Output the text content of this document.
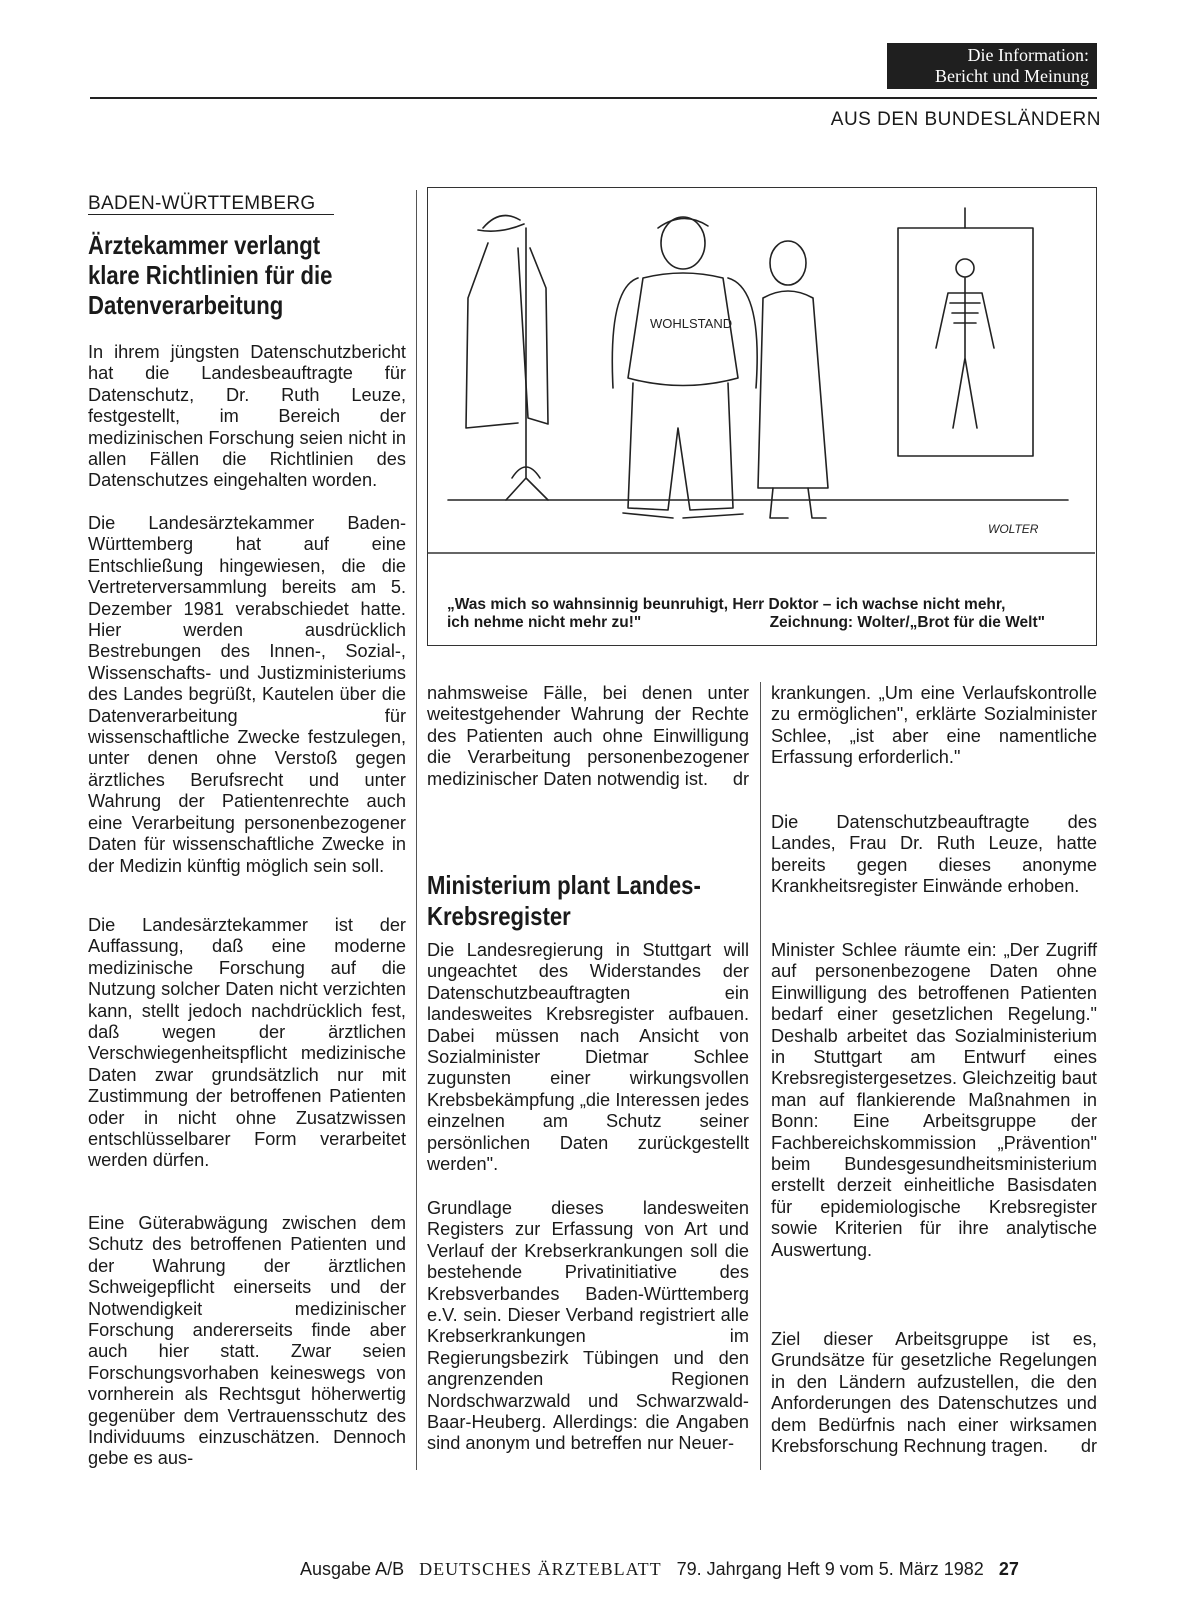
Die Information:
Bericht und Meinung
AUS DEN BUNDESLÄNDERN
BADEN-WÜRTTEMBERG
Ärztekammer verlangt klare Richtlinien für die Datenverarbeitung
In ihrem jüngsten Datenschutzbericht hat die Landesbeauftragte für Datenschutz, Dr. Ruth Leuze, festgestellt, im Bereich der medizinischen Forschung seien nicht in allen Fällen die Richtlinien des Datenschutzes eingehalten worden.
Die Landesärztekammer Baden-Württemberg hat auf eine Entschließung hingewiesen, die die Vertreterversammlung bereits am 5. Dezember 1981 verabschiedet hatte. Hier werden ausdrücklich Bestrebungen des Innen-, Sozial-, Wissenschafts- und Justizministeriums des Landes begrüßt, Kautelen über die Datenverarbeitung für wissenschaftliche Zwecke festzulegen, unter denen ohne Verstoß gegen ärztliches Berufsrecht und unter Wahrung der Patientenrechte auch eine Verarbeitung personenbezogener Daten für wissenschaftliche Zwecke in der Medizin künftig möglich sein soll.
Die Landesärztekammer ist der Auffassung, daß eine moderne medizinische Forschung auf die Nutzung solcher Daten nicht verzichten kann, stellt jedoch nachdrücklich fest, daß wegen der ärztlichen Verschwiegenheitspflicht medizinische Daten zwar grundsätzlich nur mit Zustimmung der betroffenen Patienten oder in nicht ohne Zusatzwissen entschlüsselbarer Form verarbeitet werden dürfen.
Eine Güterabwägung zwischen dem Schutz des betroffenen Patienten und der Wahrung der ärztlichen Schweigepflicht einerseits und der Notwendigkeit medizinischer Forschung andererseits finde aber auch hier statt. Zwar seien Forschungsvorhaben keineswegs von vornherein als Rechtsgut höherwertig gegenüber dem Vertrauensschutz des Individuums einzuschätzen. Dennoch gebe es aus-
WOHLSTAND
WOLTER
„Was mich so wahnsinnig beunruhigt, Herr Doktor – ich wachse nicht mehr,
ich nehme nicht mehr zu!"	Zeichnung: Wolter/„Brot für die Welt"
nahmsweise Fälle, bei denen unter weitestgehender Wahrung der Rechte des Patienten auch ohne Einwilligung die Verarbeitung personenbezogener medizinischer Daten notwendig ist. dr
Ministerium plant Landes-Krebsregister
Die Landesregierung in Stuttgart will ungeachtet des Widerstandes der Datenschutzbeauftragten ein landesweites Krebsregister aufbauen. Dabei müssen nach Ansicht von Sozialminister Dietmar Schlee zugunsten einer wirkungsvollen Krebsbekämpfung „die Interessen jedes einzelnen am Schutz seiner persönlichen Daten zurückgestellt werden".
Grundlage dieses landesweiten Registers zur Erfassung von Art und Verlauf der Krebserkrankungen soll die bestehende Privatinitiative des Krebsverbandes Baden-Württemberg e.V. sein. Dieser Verband registriert alle Krebserkrankungen im Regierungsbezirk Tübingen und den angrenzenden Regionen Nordschwarzwald und Schwarzwald-Baar-Heuberg. Allerdings: die Angaben sind anonym und betreffen nur Neuer-
krankungen. „Um eine Verlaufskontrolle zu ermöglichen", erklärte Sozialminister Schlee, „ist aber eine namentliche Erfassung erforderlich."
Die Datenschutzbeauftragte des Landes, Frau Dr. Ruth Leuze, hatte bereits gegen dieses anonyme Krankheitsregister Einwände erhoben.
Minister Schlee räumte ein: „Der Zugriff auf personenbezogene Daten ohne Einwilligung des betroffenen Patienten bedarf einer gesetzlichen Regelung." Deshalb arbeitet das Sozialministerium in Stuttgart am Entwurf eines Krebsregistergesetzes. Gleichzeitig baut man auf flankierende Maßnahmen in Bonn: Eine Arbeitsgruppe der Fachbereichskommission „Prävention" beim Bundesgesundheitsministerium erstellt derzeit einheitliche Basisdaten für epidemiologische Krebsregister sowie Kriterien für ihre analytische Auswertung.
Ziel dieser Arbeitsgruppe ist es, Grundsätze für gesetzliche Regelungen in den Ländern aufzustellen, die den Anforderungen des Datenschutzes und dem Bedürfnis nach einer wirksamen Krebsforschung Rechnung tragen. dr
Ausgabe A/B DEUTSCHES ÄRZTEBLATT 79. Jahrgang Heft 9 vom 5. März 1982 27
